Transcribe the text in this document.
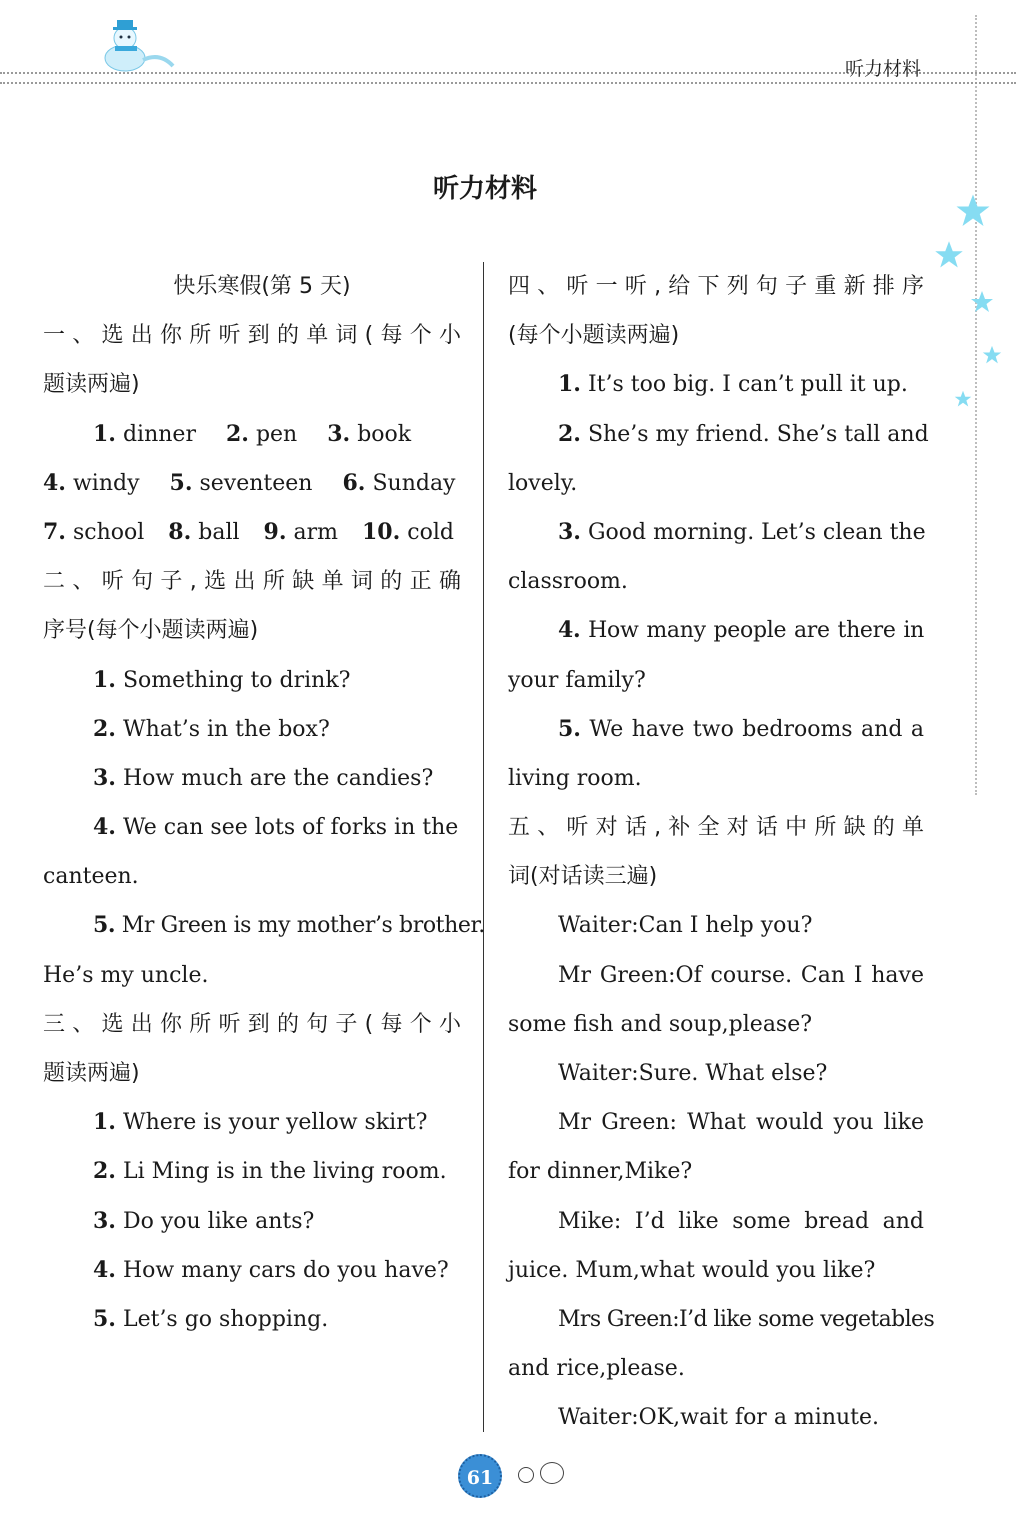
听力材料
听力材料
快乐寒假(第 5 天)
一、选出你所听到的单词(每个小
题读两遍)
1. dinner 2. pen 3. book
4. windy 5. seventeen 6. Sunday
7. school 8. ball 9. arm 10. cold
二、听句子,选出所缺单词的正确
序号(每个小题读两遍)
1. Something to drink?
2. What’s in the box?
3. How much are the candies?
4. We can see lots of forks in the
canteen.
5. Mr Green is my mother’s brother.
He’s my uncle.
三、选出你所听到的句子(每个小
题读两遍)
1. Where is your yellow skirt?
2. Li Ming is in the living room.
3. Do you like ants?
4. How many cars do you have?
5. Let’s go shopping.
四、听一听,给下列句子重新排序
(每个小题读两遍)
1. It’s too big. I can’t pull it up.
2. She’s my friend. She’s tall and
lovely.
3. Good morning. Let’s clean the
classroom.
4. How many people are there in
your family?
5. We have two bedrooms and a
living room.
五、听对话,补全对话中所缺的单
词(对话读三遍)
Waiter:Can I help you?
Mr Green:Of course. Can I have
some fish and soup,please?
Waiter:Sure. What else?
Mr Green: What would you like
for dinner,Mike?
Mike: I’d like some bread and
juice. Mum,what would you like?
Mrs Green:I’d like some vegetables
and rice,please.
Waiter:OK,wait for a minute.
61
